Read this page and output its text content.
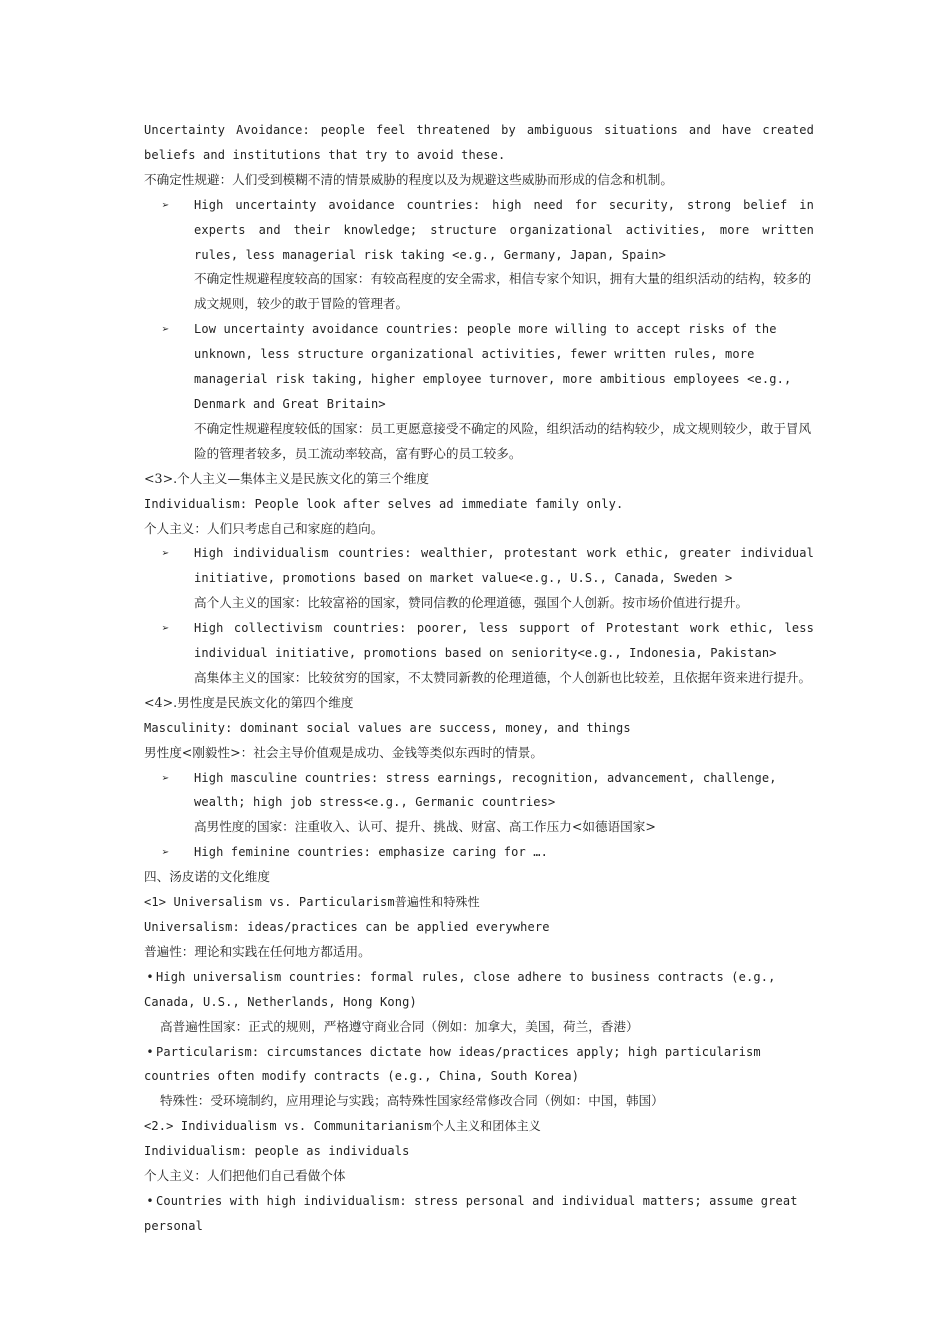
Uncertainty Avoidance: people feel threatened by ambiguous situations and have created beliefs and institutions that try to avoid these.

不确定性规避：人们受到模糊不清的情景威胁的程度以及为规避这些威胁而形成的信念和机制。

➢ High uncertainty avoidance countries: high need for security, strong belief in experts and their knowledge; structure organizational activities, more written rules, less managerial risk taking <e.g., Germany, Japan, Spain>

不确定性规避程度较高的国家：有较高程度的安全需求，相信专家个知识，拥有大量的组织活动的结构，较多的成文规则，较少的敢于冒险的管理者。

➢ Low uncertainty avoidance countries: people more willing to accept risks of the unknown, less structure organizational activities, fewer written rules, more managerial risk taking, higher employee turnover, more ambitious employees <e.g., Denmark and Great Britain>

不确定性规避程度较低的国家：员工更愿意接受不确定的风险，组织活动的结构较少，成文规则较少，敢于冒风险的管理者较多，员工流动率较高，富有野心的员工较多。

<3>.个人主义—集体主义是民族文化的第三个维度

Individualism: People look after selves ad immediate family only.

个人主义：人们只考虑自己和家庭的趋向。

➢ High individualism countries: wealthier, protestant work ethic, greater individual initiative, promotions based on market value<e.g., U.S., Canada, Sweden >

高个人主义的国家：比较富裕的国家，赞同信教的伦理道德，强国个人创新。按市场价值进行提升。

➢ High collectivism countries: poorer, less support of Protestant work ethic, less individual initiative, promotions based on seniority<e.g., Indonesia, Pakistan>

高集体主义的国家：比较贫穷的国家，不太赞同新教的伦理道德，个人创新也比较差，且依据年资来进行提升。

<4>.男性度是民族文化的第四个维度

Masculinity: dominant social values are success, money, and things

男性度<刚毅性>：社会主导价值观是成功、金钱等类似东西时的情景。

➢ High masculine countries: stress earnings, recognition, advancement, challenge, wealth; high job stress<e.g., Germanic countries>

高男性度的国家：注重收入、认可、提升、挑战、财富、高工作压力<如德语国家>

➢ High feminine countries: emphasize caring for ….

四、汤皮诺的文化维度

<1> Universalism vs. Particularism普遍性和特殊性

Universalism: ideas/practices can be applied everywhere

普遍性：理论和实践在任何地方都适用。

• High universalism countries: formal rules, close adhere to business contracts (e.g., Canada, U.S., Netherlands, Hong Kong)

高普遍性国家：正式的规则，严格遵守商业合同（例如：加拿大，美国，荷兰，香港）

• Particularism: circumstances dictate how ideas/practices apply; high particularism countries often modify contracts (e.g., China, South Korea)

特殊性：受环境制约，应用理论与实践；高特殊性国家经常修改合同（例如：中国，韩国）

<2.> Individualism vs. Communitarianism个人主义和团体主义

Individualism: people as individuals

个人主义：人们把他们自己看做个体

• Countries with high individualism: stress personal and individual matters; assume great personal
